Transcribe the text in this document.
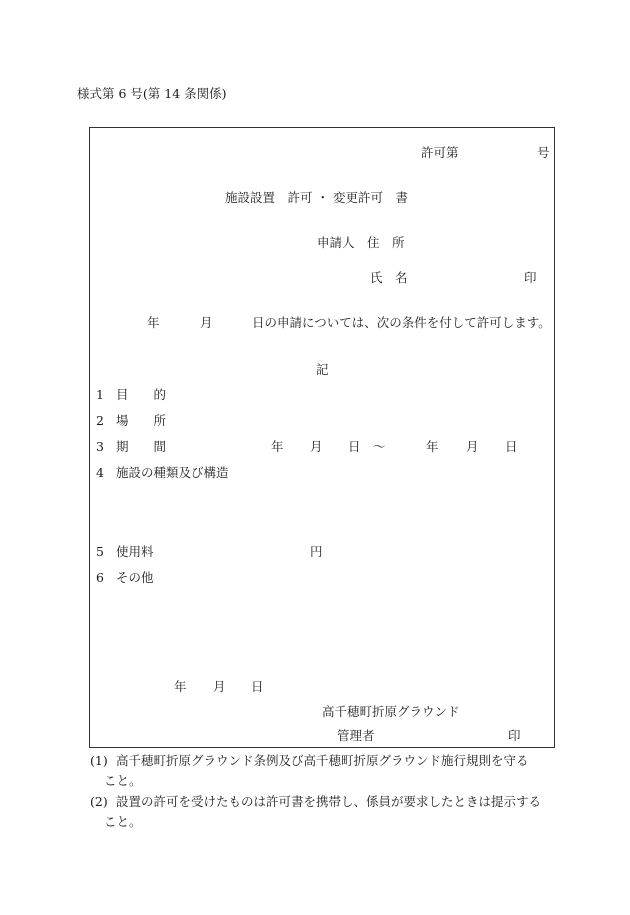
様式第 6 号(第 14 条関係)
許可第	号
施設設置　許可 ・ 変更許可　書
申請人　住　所
氏　名	印
年	月	日の申請については、次の条件を付して許可します。
記
1 目　　的
2 場　　所
3 期　　間	年 月 日 ～	年 月 日
4 施設の種類及び構造
5 使用料	円
6 その他
年 月 日
高千穂町折原グラウンド
管理者	印
(1) 高千穂町折原グラウンド条例及び高千穂町折原グラウンド施行規則を守る
こと。
(2) 設置の許可を受けたものは許可書を携帯し、係員が要求したときは提示する
こと。
